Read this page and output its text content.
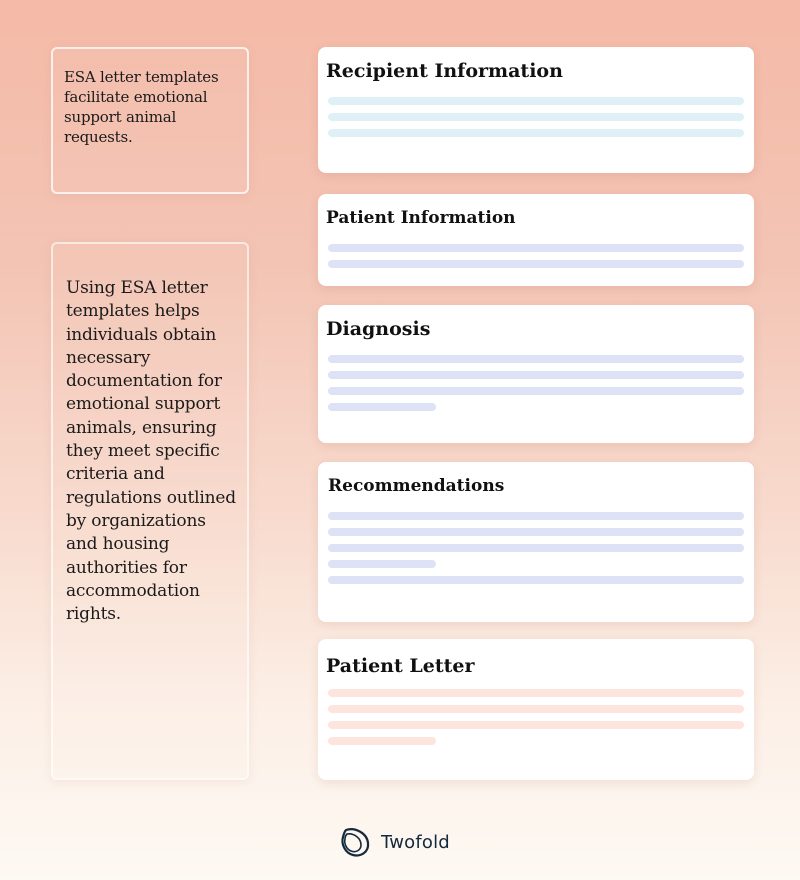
ESA letter templates facilitate emotional support animal requests.

Using ESA letter templates helps individuals obtain necessary documentation for emotional support animals, ensuring they meet specific criteria and regulations outlined by organizations and housing authorities for accommodation rights.

Recipient Information
Patient Information
Diagnosis
Recommendations
Patient Letter
Twofold
